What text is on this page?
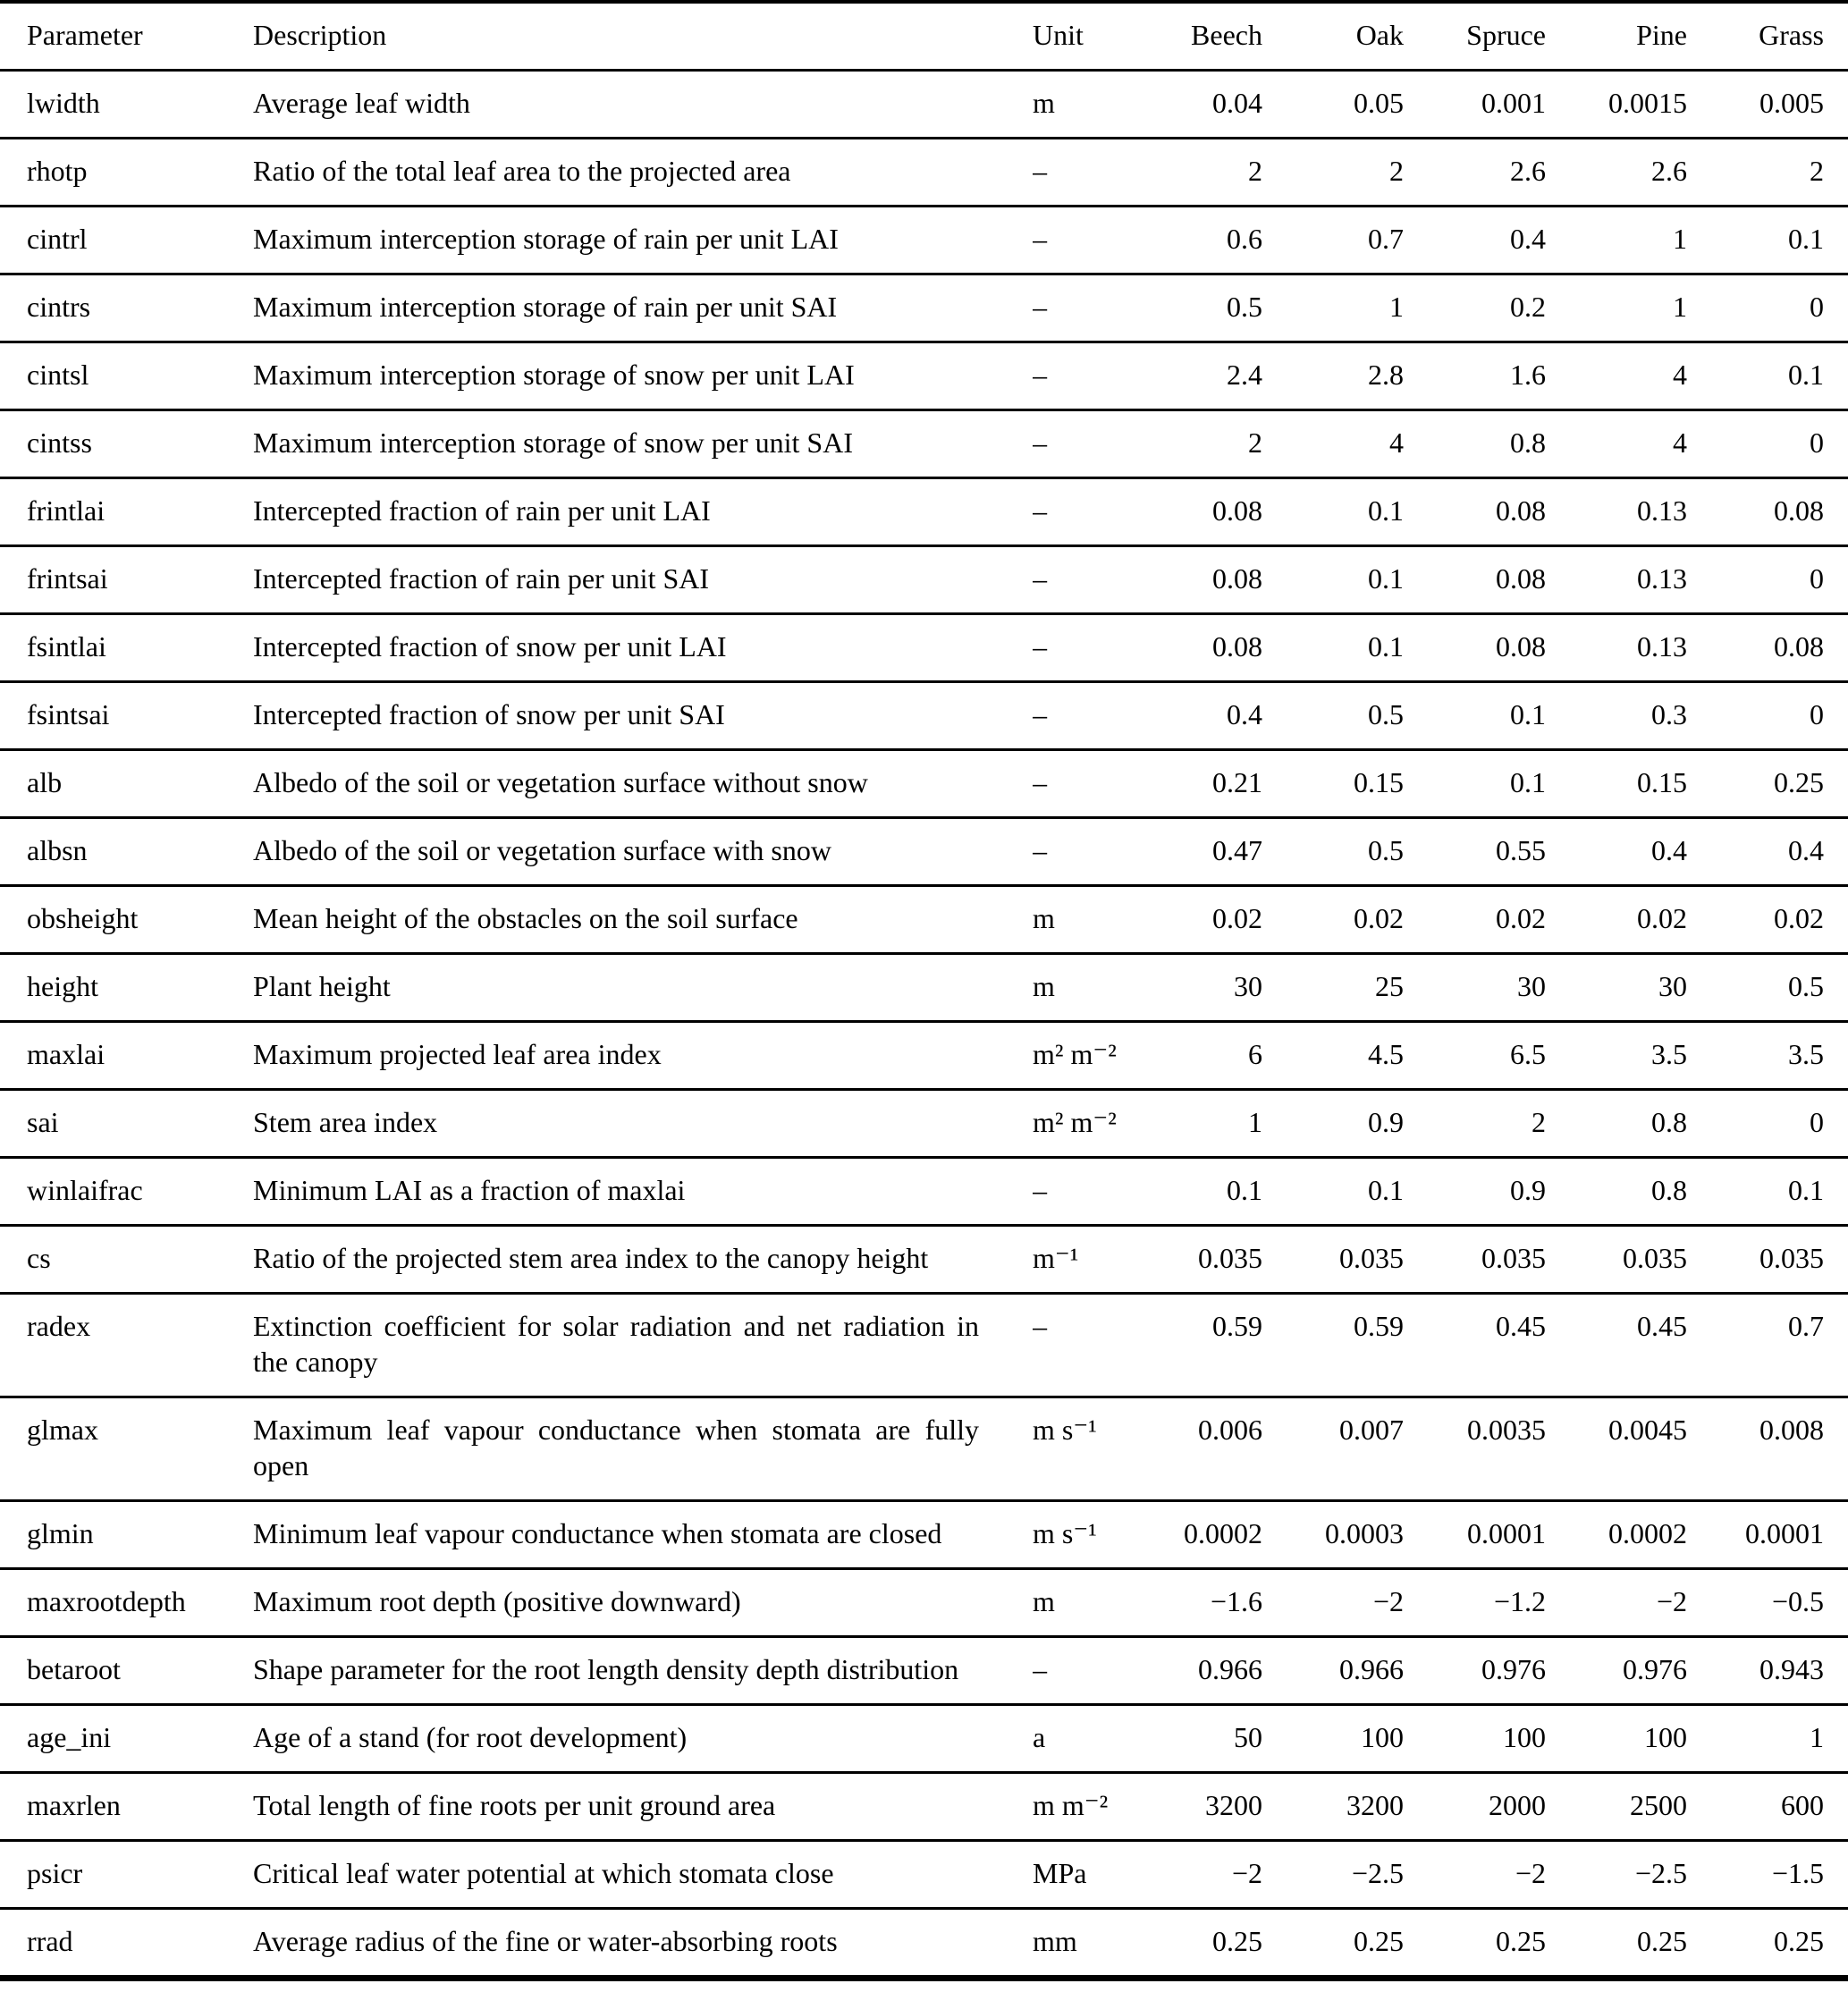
Parameter	Description	Unit	Beech	Oak	Spruce	Pine	Grass
lwidth	Average leaf width	m	0.04	0.05	0.001	0.0015	0.005
rhotp	Ratio of the total leaf area to the projected area	–	2	2	2.6	2.6	2
cintrl	Maximum interception storage of rain per unit LAI	–	0.6	0.7	0.4	1	0.1
cintrs	Maximum interception storage of rain per unit SAI	–	0.5	1	0.2	1	0
cintsl	Maximum interception storage of snow per unit LAI	–	2.4	2.8	1.6	4	0.1
cintss	Maximum interception storage of snow per unit SAI	–	2	4	0.8	4	0
frintlai	Intercepted fraction of rain per unit LAI	–	0.08	0.1	0.08	0.13	0.08
frintsai	Intercepted fraction of rain per unit SAI	–	0.08	0.1	0.08	0.13	0
fsintlai	Intercepted fraction of snow per unit LAI	–	0.08	0.1	0.08	0.13	0.08
fsintsai	Intercepted fraction of snow per unit SAI	–	0.4	0.5	0.1	0.3	0
alb	Albedo of the soil or vegetation surface without snow	–	0.21	0.15	0.1	0.15	0.25
albsn	Albedo of the soil or vegetation surface with snow	–	0.47	0.5	0.55	0.4	0.4
obsheight	Mean height of the obstacles on the soil surface	m	0.02	0.02	0.02	0.02	0.02
height	Plant height	m	30	25	30	30	0.5
maxlai	Maximum projected leaf area index	m² m⁻²	6	4.5	6.5	3.5	3.5
sai	Stem area index	m² m⁻²	1	0.9	2	0.8	0
winlaifrac	Minimum LAI as a fraction of maxlai	–	0.1	0.1	0.9	0.8	0.1
cs	Ratio of the projected stem area index to the canopy height	m⁻¹	0.035	0.035	0.035	0.035	0.035
radex	Extinction coefficient for solar radiation and net radiation in the canopy	–	0.59	0.59	0.45	0.45	0.7
glmax	Maximum leaf vapour conductance when stomata are fully open	m s⁻¹	0.006	0.007	0.0035	0.0045	0.008
glmin	Minimum leaf vapour conductance when stomata are closed	m s⁻¹	0.0002	0.0003	0.0001	0.0002	0.0001
maxrootdepth	Maximum root depth (positive downward)	m	−1.6	−2	−1.2	−2	−0.5
betaroot	Shape parameter for the root length density depth distribution	–	0.966	0.966	0.976	0.976	0.943
age_ini	Age of a stand (for root development)	a	50	100	100	100	1
maxrlen	Total length of fine roots per unit ground area	m m⁻²	3200	3200	2000	2500	600
psicr	Critical leaf water potential at which stomata close	MPa	−2	−2.5	−2	−2.5	−1.5
rrad	Average radius of the fine or water-absorbing roots	mm	0.25	0.25	0.25	0.25	0.25
